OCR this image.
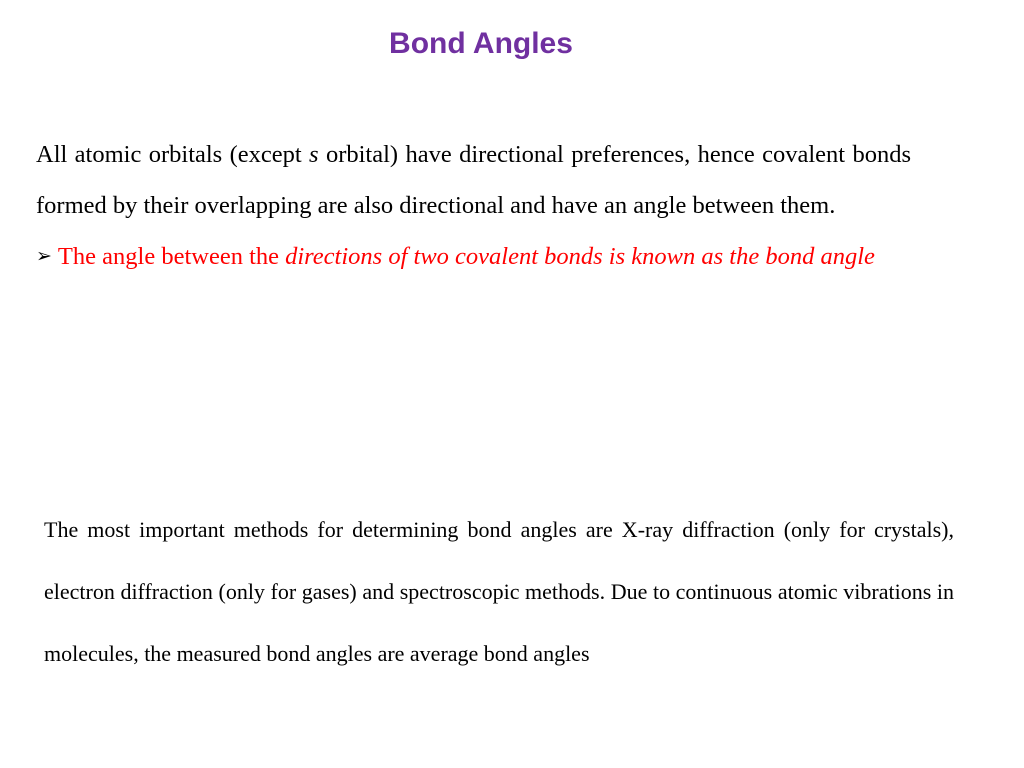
Bond Angles
All atomic orbitals (except s orbital) have directional preferences, hence covalent bonds formed by their overlapping are also directional and have an angle between them.
➢ The angle between the directions of two covalent bonds is known as the bond angle

The most important methods for determining bond angles are X-ray diffraction (only for crystals), electron diffraction (only for gases) and spectroscopic methods. Due to continuous atomic vibrations in molecules, the measured bond angles are average bond angles
